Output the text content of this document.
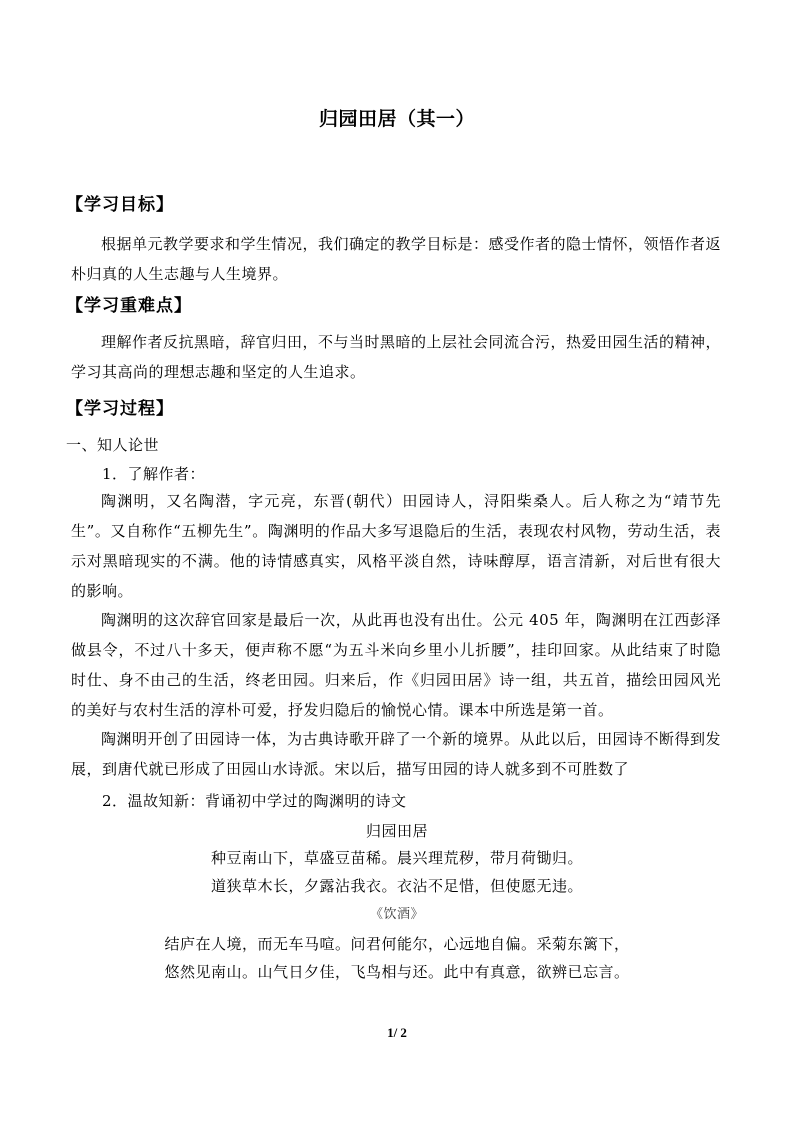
归园田居（其一）
【学习目标】
根据单元教学要求和学生情况，我们确定的教学目标是：感受作者的隐士情怀，领悟作者返朴归真的人生志趣与人生境界。
【学习重难点】
理解作者反抗黑暗，辞官归田，不与当时黑暗的上层社会同流合污，热爱田园生活的精神，学习其高尚的理想志趣和坚定的人生追求。
【学习过程】
一、知人论世
1．了解作者：
陶渊明，又名陶潜，字元亮，东晋(朝代）田园诗人，浔阳柴桑人。后人称之为“靖节先生”。又自称作“五柳先生”。陶渊明的作品大多写退隐后的生活，表现农村风物，劳动生活，表示对黑暗现实的不满。他的诗情感真实，风格平淡自然，诗味醇厚，语言清新，对后世有很大的影响。
陶渊明的这次辞官回家是最后一次，从此再也没有出仕。公元 405 年，陶渊明在江西彭泽做县令，不过八十多天，便声称不愿“为五斗米向乡里小儿折腰”，挂印回家。从此结束了时隐时仕、身不由己的生活，终老田园。归来后，作《归园田居》诗一组，共五首，描绘田园风光的美好与农村生活的淳朴可爱，抒发归隐后的愉悦心情。课本中所选是第一首。
陶渊明开创了田园诗一体，为古典诗歌开辟了一个新的境界。从此以后，田园诗不断得到发展，到唐代就已形成了田园山水诗派。宋以后，描写田园的诗人就多到不可胜数了
2．温故知新：背诵初中学过的陶渊明的诗文
归园田居
种豆南山下，草盛豆苗稀。晨兴理荒秽，带月荷锄归。
道狭草木长，夕露沾我衣。衣沾不足惜，但使愿无违。
《饮酒》
结庐在人境，而无车马喧。问君何能尔，心远地自偏。采菊东篱下，
悠然见南山。山气日夕佳，飞鸟相与还。此中有真意，欲辨已忘言。
1/ 2
